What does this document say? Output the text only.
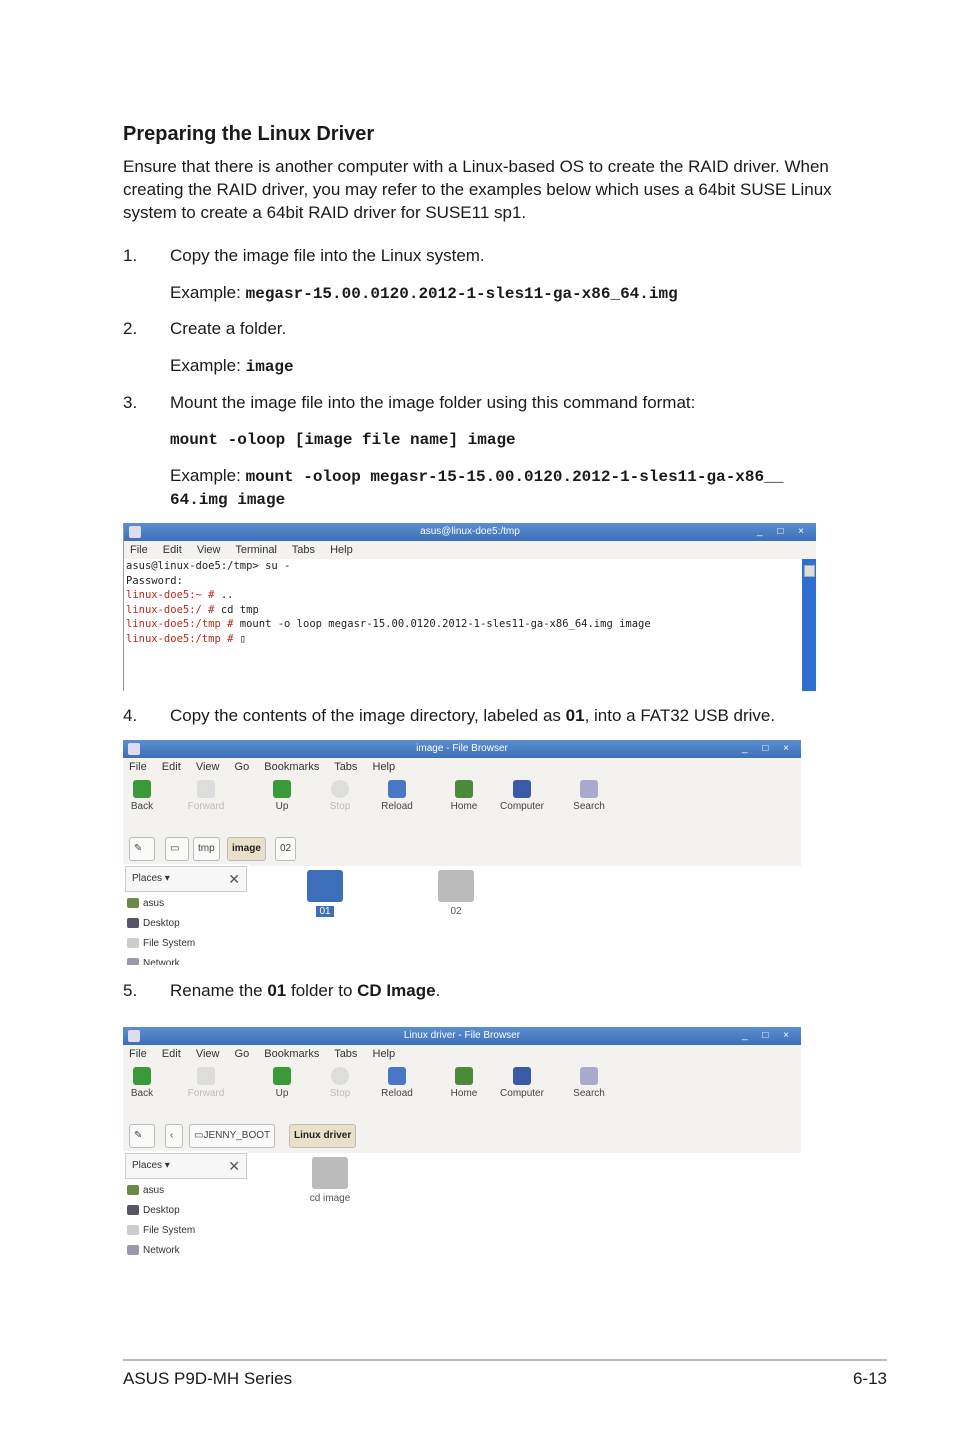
Preparing the Linux Driver
Ensure that there is another computer with a Linux-based OS to create the RAID driver. When creating the RAID driver, you may refer to the examples below which uses a 64bit SUSE Linux system to create a 64bit RAID driver for SUSE11 sp1.
1. Copy the image file into the Linux system.
Example: megasr-15.00.0120.2012-1-sles11-ga-x86_64.img
2. Create a folder.
Example: image
3. Mount the image file into the image folder using this command format:
mount -oloop [image file name] image
Example: mount -oloop megasr-15-15.00.0120.2012-1-sles11-ga-x86__
64.img image
asus@linux-doe5:/tmp	_ □ ×
File Edit View Terminal Tabs Help
asus@linux-doe5:/tmp> su -
Password:
linux-doe5:~ # ..
linux-doe5:/ # cd tmp
linux-doe5:/tmp # mount -o loop megasr-15.00.0120.2012-1-sles11-ga-x86_64.img image
linux-doe5:/tmp # ▯
4. Copy the contents of the image directory, labeled as 01, into a FAT32 USB drive.
image - File Browser	_ □ ×
File Edit View Go Bookmarks Tabs Help
Back	Forward	Up	Stop	Reload	Home	Computer	Search
✎	▭	tmp	image	02
Places ▾	✕
asus
Desktop
File System
Network
01	02
5. Rename the 01 folder to CD Image.
Linux driver - File Browser	_ □ ×
File Edit View Go Bookmarks Tabs Help
Back	Forward	Up	Stop	Reload	Home	Computer	Search
✎	‹	▭JENNY_BOOT	Linux driver
Places ▾	✕
asus
Desktop
File System
Network
cd image
ASUS P9D-MH Series	6-13
